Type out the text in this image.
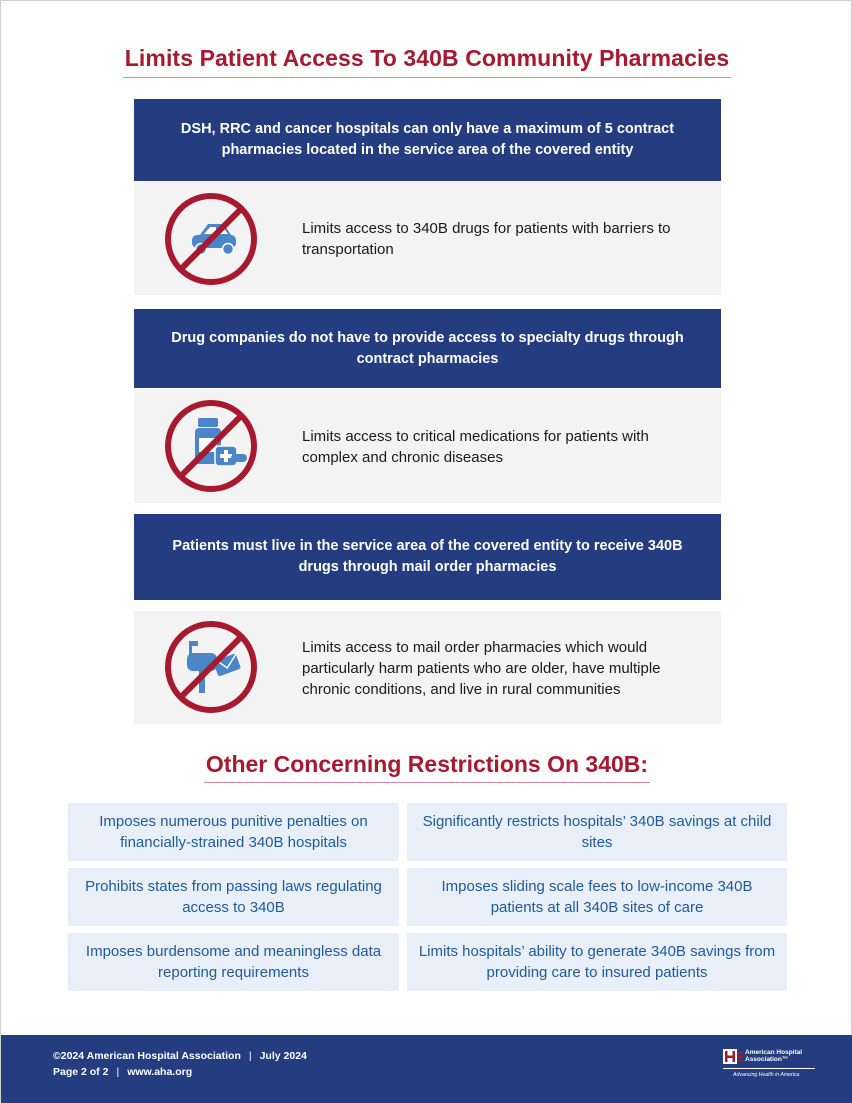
Limits Patient Access To 340B Community Pharmacies
DSH, RRC and cancer hospitals can only have a maximum of 5 contract pharmacies located in the service area of the covered entity
Limits access to 340B drugs for patients with barriers to transportation
Drug companies do not have to provide access to specialty drugs through contract pharmacies
Limits access to critical medications for patients with complex and chronic diseases
Patients must live in the service area of the covered entity to receive 340B drugs through mail order pharmacies
Limits access to mail order pharmacies which would particularly harm patients who are older, have multiple chronic conditions, and live in rural communities
Other Concerning Restrictions On 340B:
Imposes numerous punitive penalties on financially-strained 340B hospitals
Significantly restricts hospitals’ 340B savings at child sites
Prohibits states from passing laws regulating access to 340B
Imposes sliding scale fees to low-income 340B patients at all 340B sites of care
Imposes burdensome and meaningless data reporting requirements
Limits hospitals’ ability to generate 340B savings from providing care to insured patients
©2024 American Hospital Association | July 2024
Page 2 of 2 | www.aha.org
American Hospital Association™
Advancing Health in America
